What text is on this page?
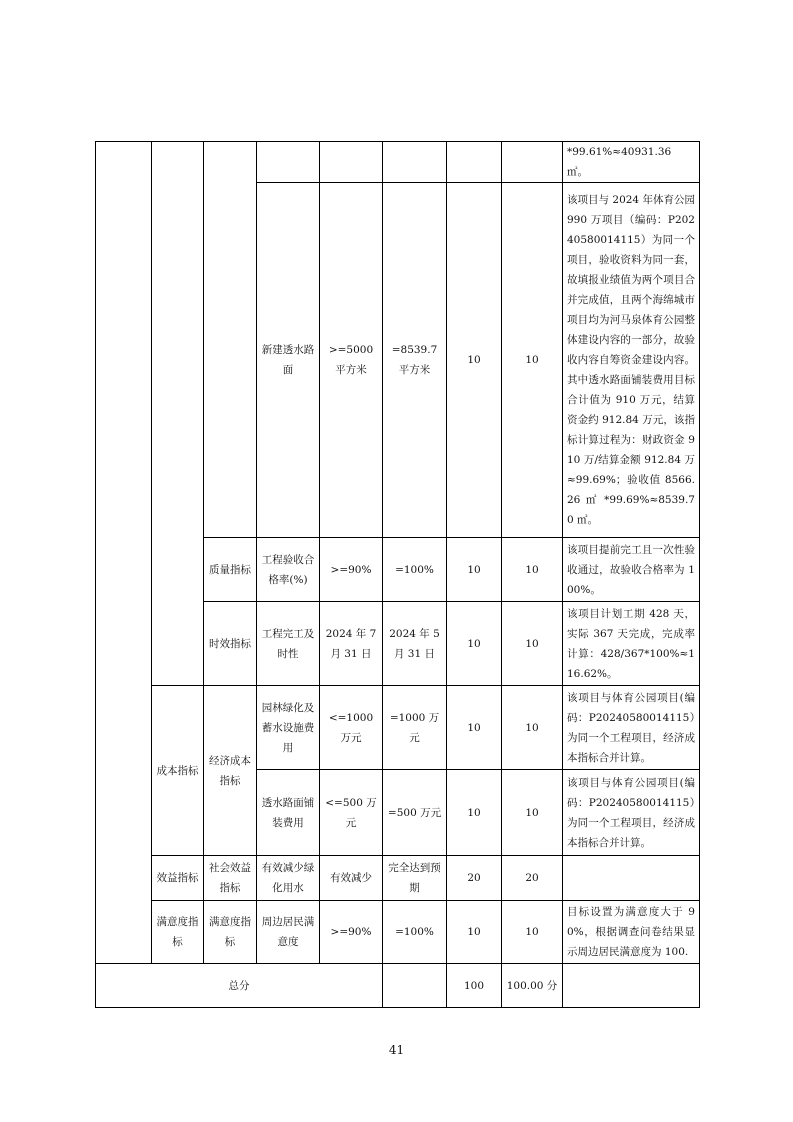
								*99.61%≈40931.36 ㎡。
			新建透水路面	>=5000 平方米	=8539.7 平方米	10	10	该项目与 2024 年体育公园 990 万项目（编码：P20240580014115）为同一个项目，验收资料为同一套，故填报业绩值为两个项目合并完成值，且两个海绵城市项目均为河马泉体育公园整体建设内容的一部分，故验收内容自筹资金建设内容。其中透水路面铺装费用目标合计值为 910 万元，结算资金约 912.84 万元，该指标计算过程为：财政资金 910 万/结算金额 912.84 万≈99.69%；验收值 8566.26 ㎡ *99.69%≈8539.70 ㎡。
		质量指标	工程验收合格率(%)	>=90%	=100%	10	10	该项目提前完工且一次性验收通过，故验收合格率为 100%。
		时效指标	工程完工及时性	2024 年 7 月 31 日	2024 年 5 月 31 日	10	10	该项目计划工期 428 天，实际 367 天完成，完成率计算：428/367*100%≈116.62%。
	成本指标	经济成本指标	园林绿化及蓄水设施费用	<=1000 万元	=1000 万元	10	10	该项目与体育公园项目(编码：P20240580014115）为同一个工程项目，经济成本指标合并计算。
			透水路面铺装费用	<=500 万元	=500 万元	10	10	该项目与体育公园项目(编码：P20240580014115）为同一个工程项目，经济成本指标合并计算。
	效益指标	社会效益指标	有效减少绿化用水	有效减少	完全达到预期	20	20	
	满意度指标	满意度指标	周边居民满意度	>=90%	=100%	10	10	目标设置为满意度大于 90%，根据调查问卷结果显示周边居民满意度为 100.
总分						100	100.00 分	
41
